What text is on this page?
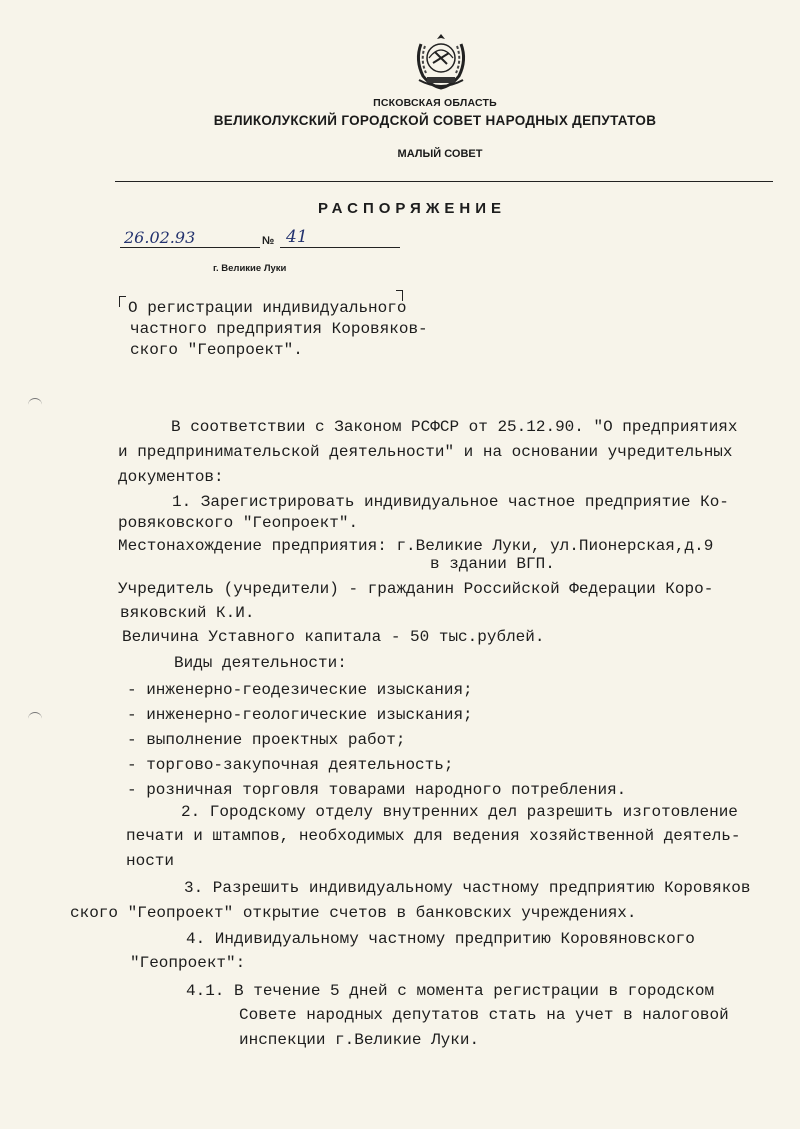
ПСКОВСКАЯ ОБЛАСТЬ
ВЕЛИКОЛУКСКИЙ ГОРОДСКОЙ СОВЕТ НАРОДНЫХ ДЕПУТАТОВ
МАЛЫЙ СОВЕТ
РАСПОРЯЖЕНИЕ
26.02.93	№ 41
г. Великие Луки
О регистрации индивидуального
частного предприятия Коровяков-
ского "Геопроект".
В соответствии с Законом РСФСР от 25.12.90. "О предприятиях
и предпринимательской деятельности" и на основании учредительных
документов:
1. Зарегистрировать индивидуальное частное предприятие Ко-
ровяковского "Геопроект".
Местонахождение предприятия: г.Великие Луки, ул.Пионерская,д.9
в здании ВГП.
Учредитель (учредители) - гражданин Российской Федерации Коро-
вяковский К.И.
Величина Уставного капитала - 50 тыс.рублей.
Виды деятельности:
- инженерно-геодезические изыскания;
- инженерно-геологические изыскания;
- выполнение проектных работ;
- торгово-закупочная деятельность;
- розничная торговля товарами народного потребления.
2. Городскому отделу внутренних дел разрешить изготовление
печати и штампов, необходимых для ведения хозяйственной деятель-
ности
3. Разрешить индивидуальному частному предприятию Коровяков
ского "Геопроект" открытие счетов в банковских учреждениях.
4. Индивидуальному частному предпритию Коровяновского
"Геопроект":
4.1. В течение 5 дней с момента регистрации в городском
Совете народных депутатов стать на учет в налоговой
инспекции г.Великие Луки.
